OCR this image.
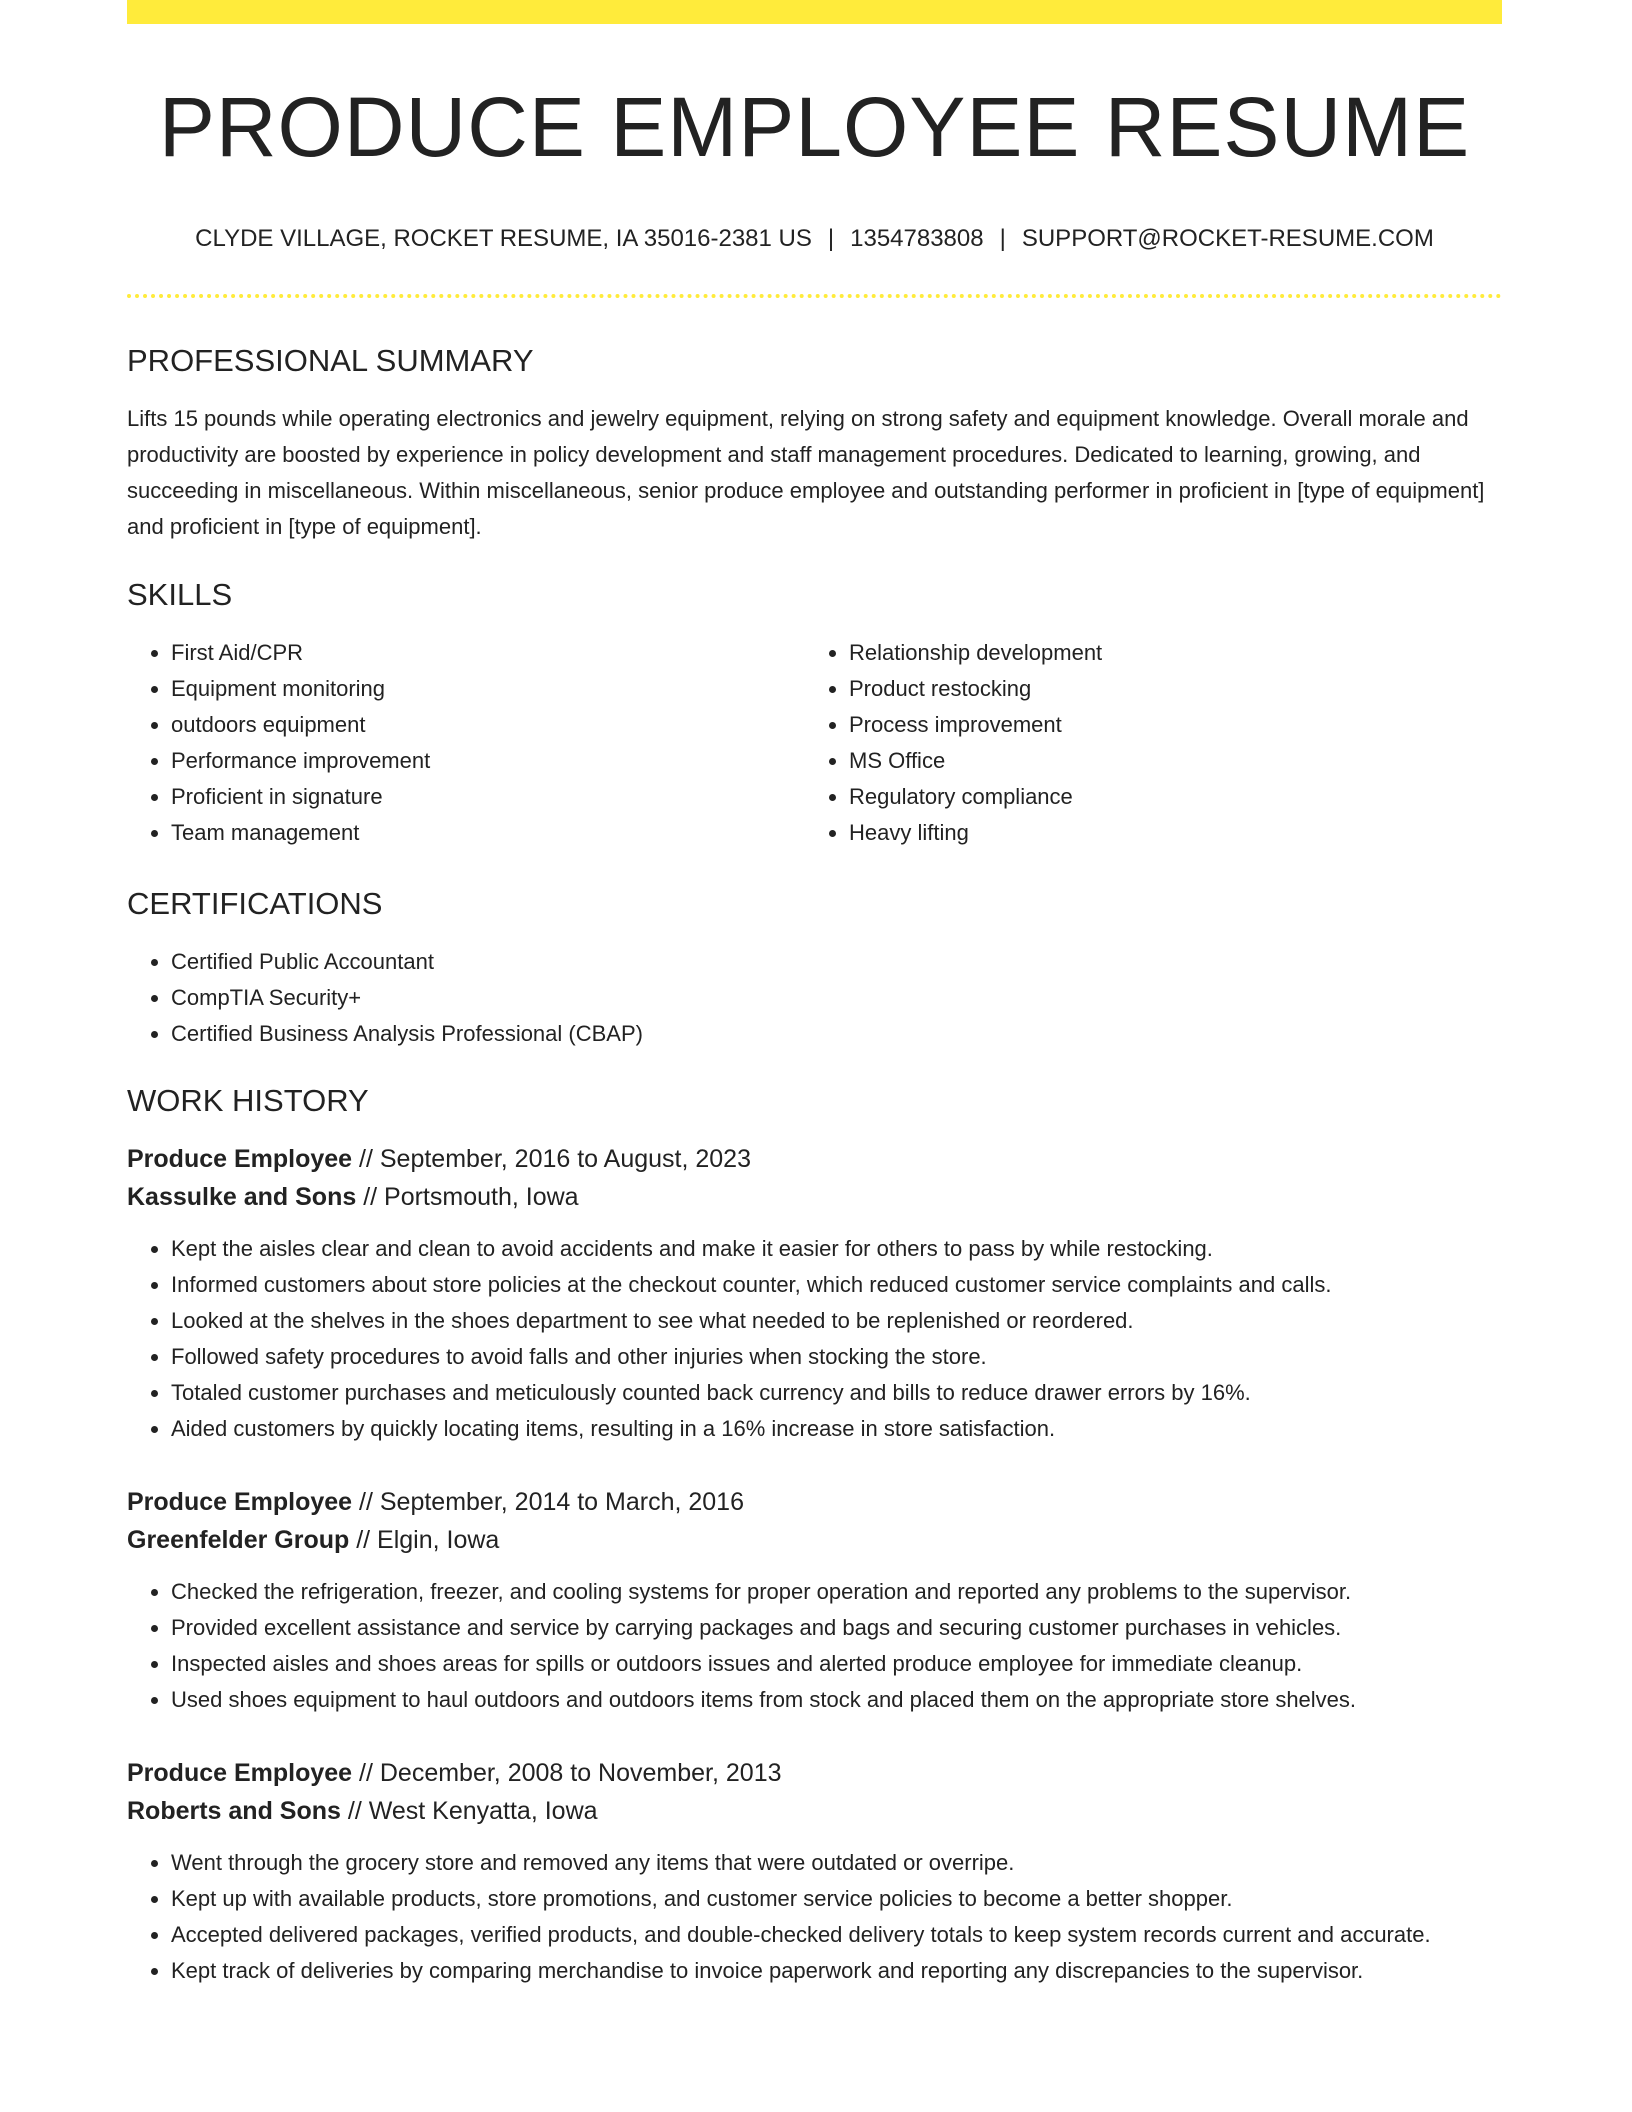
PRODUCE EMPLOYEE RESUME
CLYDE VILLAGE, ROCKET RESUME, IA 35016-2381 US | 1354783808 | SUPPORT@ROCKET-RESUME.COM
PROFESSIONAL SUMMARY
Lifts 15 pounds while operating electronics and jewelry equipment, relying on strong safety and equipment knowledge. Overall morale and productivity are boosted by experience in policy development and staff management procedures. Dedicated to learning, growing, and succeeding in miscellaneous. Within miscellaneous, senior produce employee and outstanding performer in proficient in [type of equipment] and proficient in [type of equipment].
SKILLS
• First Aid/CPR
• Equipment monitoring
• outdoors equipment
• Performance improvement
• Proficient in signature
• Team management
• Relationship development
• Product restocking
• Process improvement
• MS Office
• Regulatory compliance
• Heavy lifting
CERTIFICATIONS
• Certified Public Accountant
• CompTIA Security+
• Certified Business Analysis Professional (CBAP)
WORK HISTORY
Produce Employee // September, 2016 to August, 2023
Kassulke and Sons // Portsmouth, Iowa
• Kept the aisles clear and clean to avoid accidents and make it easier for others to pass by while restocking.
• Informed customers about store policies at the checkout counter, which reduced customer service complaints and calls.
• Looked at the shelves in the shoes department to see what needed to be replenished or reordered.
• Followed safety procedures to avoid falls and other injuries when stocking the store.
• Totaled customer purchases and meticulously counted back currency and bills to reduce drawer errors by 16%.
• Aided customers by quickly locating items, resulting in a 16% increase in store satisfaction.
Produce Employee // September, 2014 to March, 2016
Greenfelder Group // Elgin, Iowa
• Checked the refrigeration, freezer, and cooling systems for proper operation and reported any problems to the supervisor.
• Provided excellent assistance and service by carrying packages and bags and securing customer purchases in vehicles.
• Inspected aisles and shoes areas for spills or outdoors issues and alerted produce employee for immediate cleanup.
• Used shoes equipment to haul outdoors and outdoors items from stock and placed them on the appropriate store shelves.
Produce Employee // December, 2008 to November, 2013
Roberts and Sons // West Kenyatta, Iowa
• Went through the grocery store and removed any items that were outdated or overripe.
• Kept up with available products, store promotions, and customer service policies to become a better shopper.
• Accepted delivered packages, verified products, and double-checked delivery totals to keep system records current and accurate.
• Kept track of deliveries by comparing merchandise to invoice paperwork and reporting any discrepancies to the supervisor.
